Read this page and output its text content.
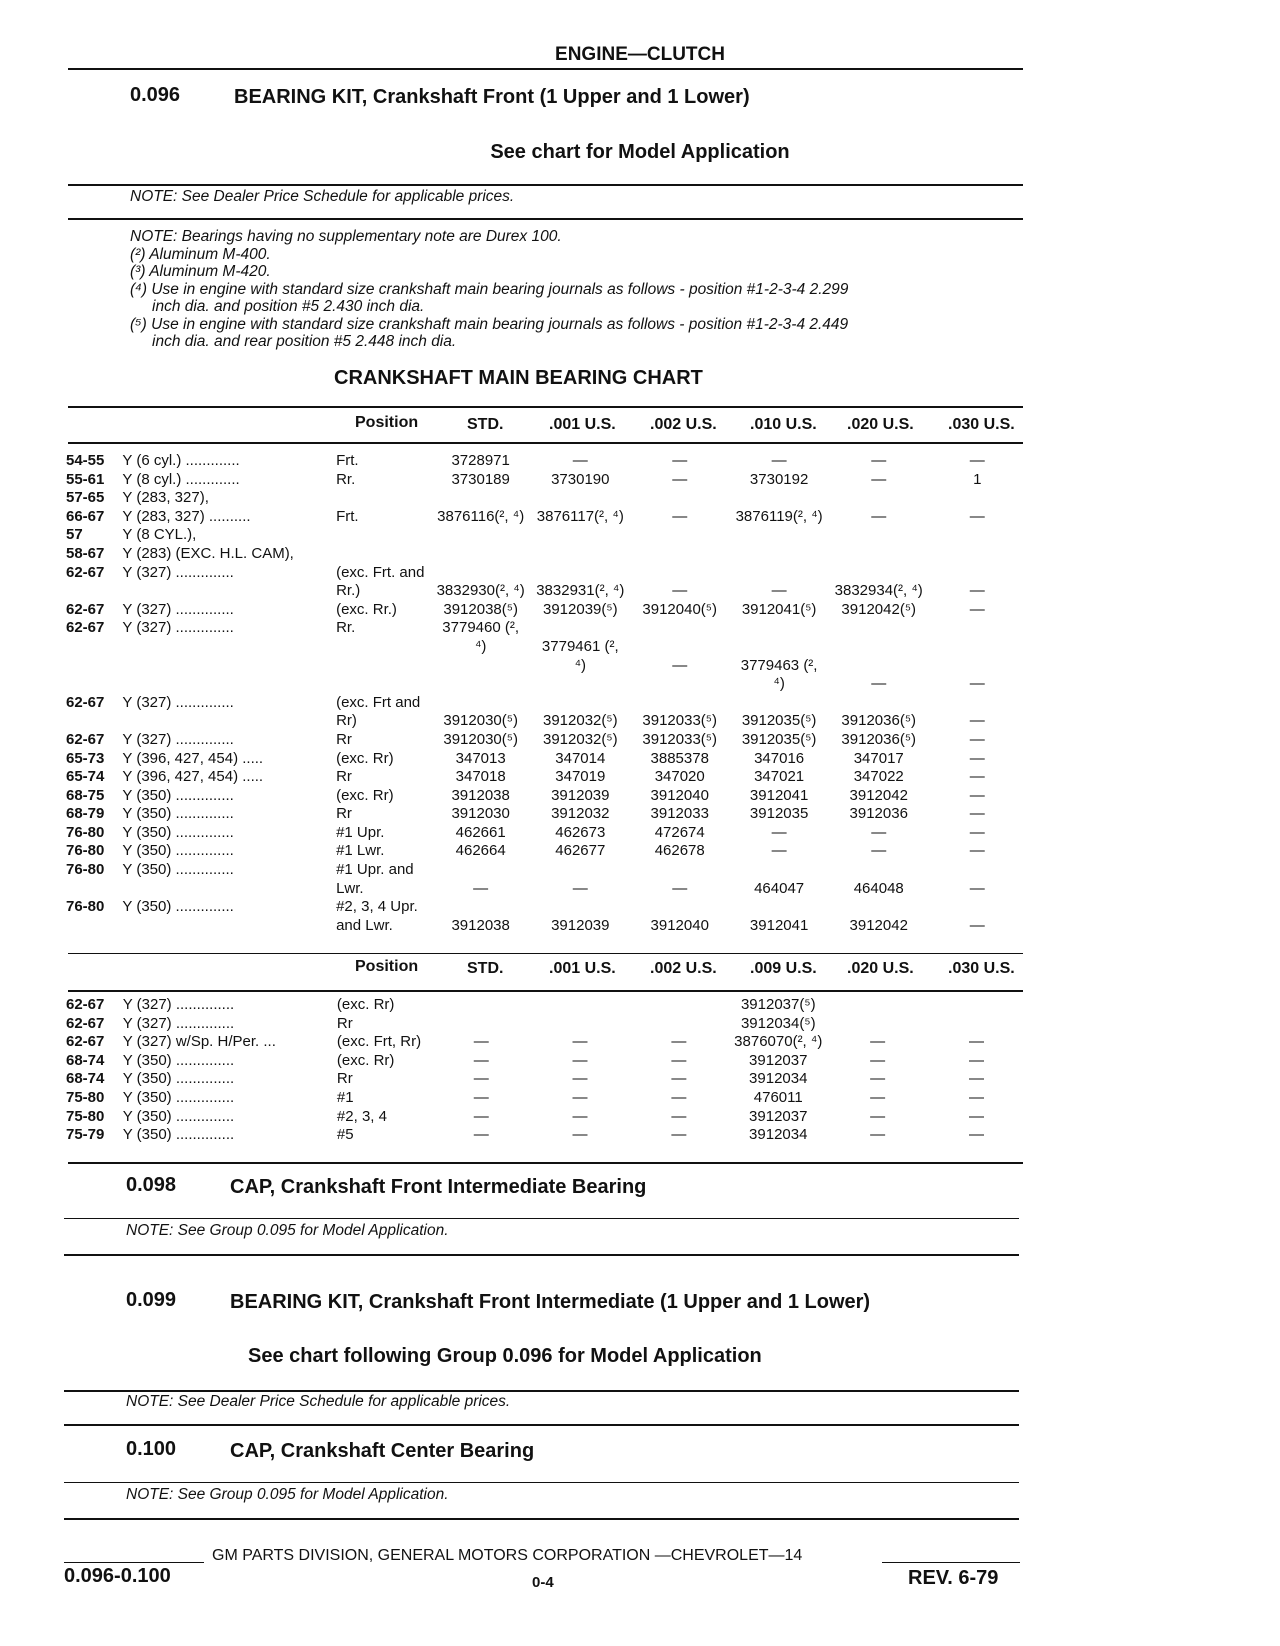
ENGINE—CLUTCH
0.096	BEARING KIT, Crankshaft Front (1 Upper and 1 Lower)
See chart for Model Application
NOTE: See Dealer Price Schedule for applicable prices.
NOTE: Bearings having no supplementary note are Durex 100.
(²) Aluminum M-400.
(³) Aluminum M-420.
(⁴) Use in engine with standard size crankshaft main bearing journals as follows - position #1-2-3-4 2.299
inch dia. and position #5 2.430 inch dia.
(⁵) Use in engine with standard size crankshaft main bearing journals as follows - position #1-2-3-4 2.449
inch dia. and rear position #5 2.448 inch dia.
CRANKSHAFT MAIN BEARING CHART
Position	STD.	.001 U.S. .002 U.S. .010 U.S. .020 U.S. .030 U.S.
54-55	Y (6 cyl.) .............	Frt.	3728971	—	—	—	—	—
55-61	Y (8 cyl.) .............	Rr.	3730189	3730190	—	3730192	—	1
57-65	Y (283, 327),							
66-67	Y (283, 327) ..........	Frt.	3876116(², ⁴)	3876117(², ⁴)	—	3876119(², ⁴)	—	—
57	Y (8 CYL.),							
58-67	Y (283) (EXC. H.L. CAM),							
62-67	Y (327) ..............	(exc. Frt. and						
		Rr.)	3832930(², ⁴)	3832931(², ⁴)	—	—	3832934(², ⁴)	—
62-67	Y (327) ..............	(exc. Rr.)	3912038(⁵)	3912039(⁵)	3912040(⁵)	3912041(⁵)	3912042(⁵)	—
62-67	Y (327) ..............	Rr.	3779460 (²,					
			⁴)	3779461 (²,				
				⁴)	—	3779463 (²,		
						⁴)	—	—
62-67	Y (327) ..............	(exc. Frt and						
		Rr)	3912030(⁵)	3912032(⁵)	3912033(⁵)	3912035(⁵)	3912036(⁵)	—
62-67	Y (327) ..............	Rr	3912030(⁵)	3912032(⁵)	3912033(⁵)	3912035(⁵)	3912036(⁵)	—
65-73	Y (396, 427, 454) .....	(exc. Rr)	347013	347014	3885378	347016	347017	—
65-74	Y (396, 427, 454) .....	Rr	347018	347019	347020	347021	347022	—
68-75	Y (350) ..............	(exc. Rr)	3912038	3912039	3912040	3912041	3912042	—
68-79	Y (350) ..............	Rr	3912030	3912032	3912033	3912035	3912036	—
76-80	Y (350) ..............	#1 Upr.	462661	462673	472674	—	—	—
76-80	Y (350) ..............	#1 Lwr.	462664	462677	462678	—	—	—
76-80	Y (350) ..............	#1 Upr. and						
		Lwr.	—	—	—	464047	464048	—
76-80	Y (350) ..............	#2, 3, 4 Upr.						
		and Lwr.	3912038	3912039	3912040	3912041	3912042	—
Position	STD.	.001 U.S. .002 U.S. .009 U.S. .020 U.S. .030 U.S.
62-67	Y (327) ..............	(exc. Rr)				3912037(⁵)		
62-67	Y (327) ..............	Rr				3912034(⁵)		
62-67	Y (327) w/Sp. H/Per. ...	(exc. Frt, Rr)	—	—	—	3876070(², ⁴)	—	—
68-74	Y (350) ..............	(exc. Rr)	—	—	—	3912037	—	—
68-74	Y (350) ..............	Rr	—	—	—	3912034	—	—
75-80	Y (350) ..............	#1	—	—	—	476011	—	—
75-80	Y (350) ..............	#2, 3, 4	—	—	—	3912037	—	—
75-79	Y (350) ..............	#5	—	—	—	3912034	—	—
0.098	CAP, Crankshaft Front Intermediate Bearing
NOTE: See Group 0.095 for Model Application.
0.099	BEARING KIT, Crankshaft Front Intermediate (1 Upper and 1 Lower)
See chart following Group 0.096 for Model Application
NOTE: See Dealer Price Schedule for applicable prices.
0.100	CAP, Crankshaft Center Bearing
NOTE: See Group 0.095 for Model Application.
GM PARTS DIVISION, GENERAL MOTORS CORPORATION —CHEVROLET—14
0.096-0.100	0-4	REV. 6-79
